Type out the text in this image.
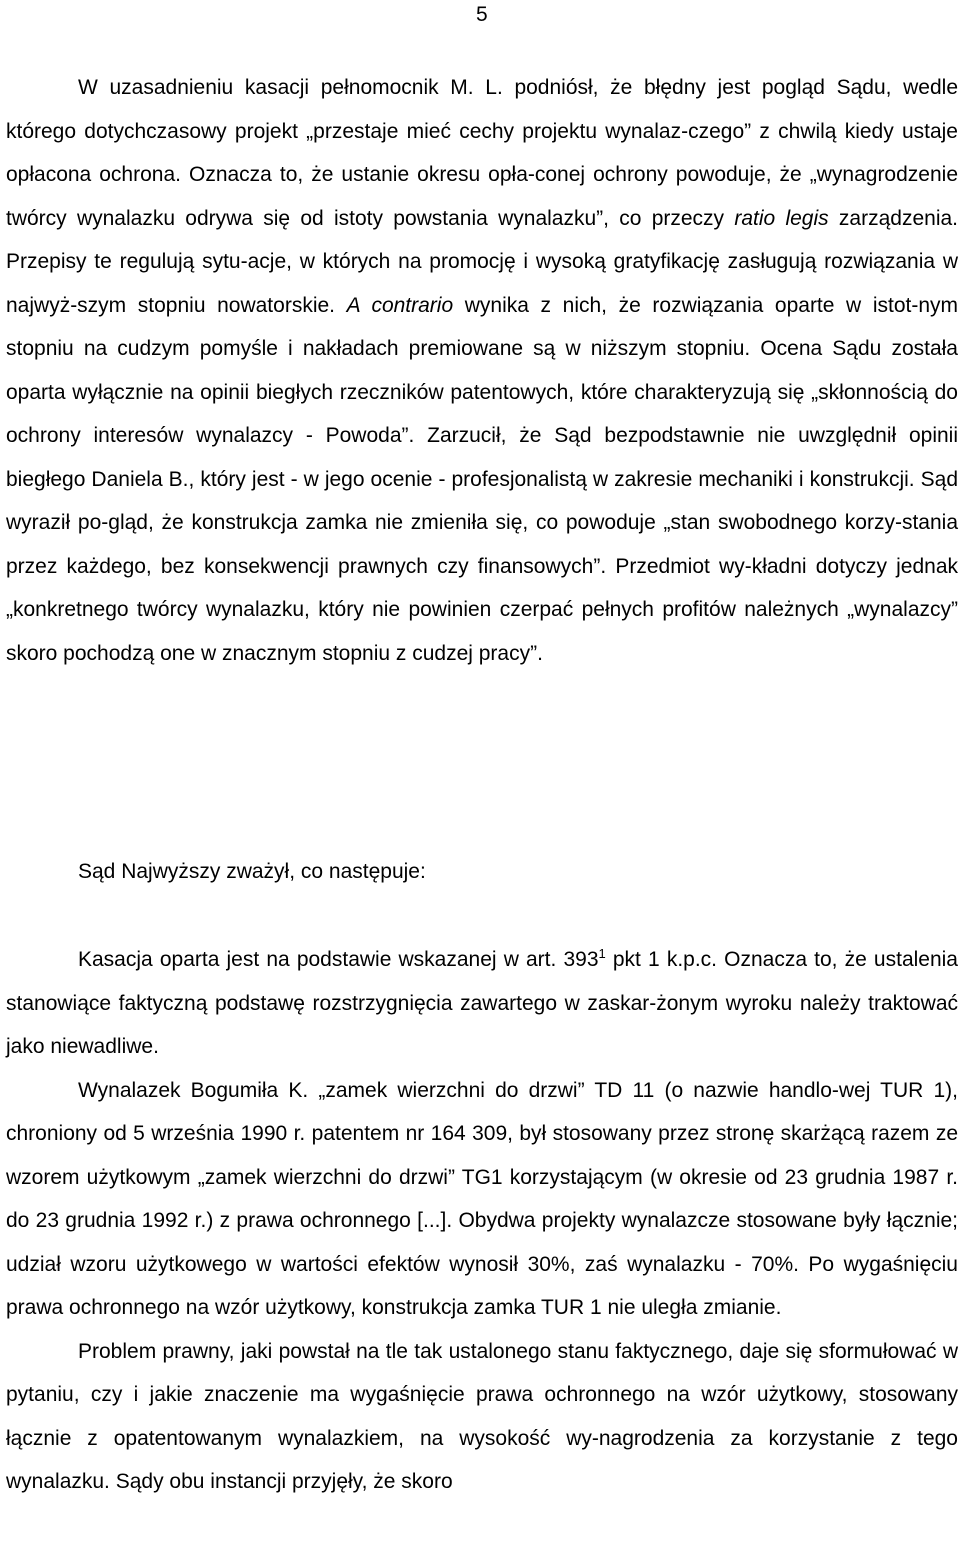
5

W uzasadnieniu kasacji pełnomocnik M. L. podniósł, że błędny jest pogląd Sądu, wedle którego dotychczasowy projekt „przestaje mieć cechy projektu wynalaz-czego” z chwilą kiedy ustaje opłacona ochrona. Oznacza to, że ustanie okresu opła-conej ochrony powoduje, że „wynagrodzenie twórcy wynalazku odrywa się od istoty powstania wynalazku”, co przeczy ratio legis zarządzenia. Przepisy te regulują sytu-acje, w których na promocję i wysoką gratyfikację zasługują rozwiązania w najwyż-szym stopniu nowatorskie. A contrario wynika z nich, że rozwiązania oparte w istot-nym stopniu na cudzym pomyśle i nakładach premiowane są w niższym stopniu. Ocena Sądu została oparta wyłącznie na opinii biegłych rzeczników patentowych, które charakteryzują się „skłonnością do ochrony interesów wynalazcy - Powoda”. Zarzucił, że Sąd bezpodstawnie nie uwzględnił opinii biegłego Daniela B., który jest - w jego ocenie - profesjonalistą w zakresie mechaniki i konstrukcji. Sąd wyraził po-gląd, że konstrukcja zamka nie zmieniła się, co powoduje „stan swobodnego korzy-stania przez każdego, bez konsekwencji prawnych czy finansowych”. Przedmiot wy-kładni dotyczy jednak „konkretnego twórcy wynalazku, który nie powinien czerpać pełnych profitów należnych „wynalazcy” skoro pochodzą one w znacznym stopniu z cudzej pracy”.

Sąd Najwyższy zważył, co następuje:

Kasacja oparta jest na podstawie wskazanej w art. $393^1$ pkt 1 k.p.c. Oznacza to, że ustalenia stanowiące faktyczną podstawę rozstrzygnięcia zawartego w zaskar-żonym wyroku należy traktować jako niewadliwe.

Wynalazek Bogumiła K. „zamek wierzchni do drzwi” TD 11 (o nazwie handlo-wej TUR 1), chroniony od 5 września 1990 r. patentem nr 164 309, był stosowany przez stronę skarżącą razem ze wzorem użytkowym „zamek wierzchni do drzwi” TG1 korzystającym (w okresie od 23 grudnia 1987 r. do 23 grudnia 1992 r.) z prawa ochronnego [...]. Obydwa projekty wynalazcze stosowane były łącznie; udział wzoru użytkowego w wartości efektów wynosił 30%, zaś wynalazku - 70%. Po wygaśnięciu prawa ochronnego na wzór użytkowy, konstrukcja zamka TUR 1 nie uległa zmianie.

Problem prawny, jaki powstał na tle tak ustalonego stanu faktycznego, daje się sformułować w pytaniu, czy i jakie znaczenie ma wygaśnięcie prawa ochronnego na wzór użytkowy, stosowany łącznie z opatentowanym wynalazkiem, na wysokość wy-nagrodzenia za korzystanie z tego wynalazku. Sądy obu instancji przyjęły, że skoro
